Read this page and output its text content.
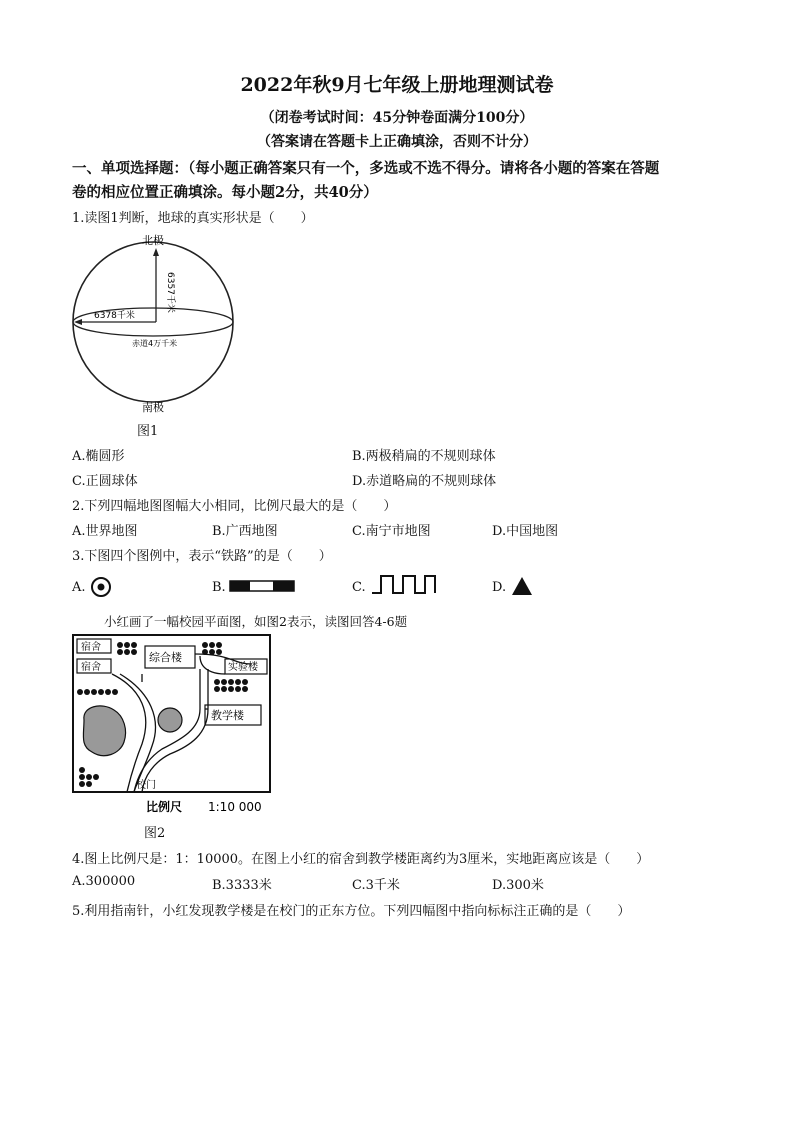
2022年秋9月七年级上册地理测试卷
（闭卷考试时间：45分钟卷面满分100分）
（答案请在答题卡上正确填涂，否则不计分）
一、单项选择题：（每小题正确答案只有一个，多选或不选不得分。请将各小题的答案在答题
卷的相应位置正确填涂。每小题2分，共40分）
1.读图1判断，地球的真实形状是（　　）
北极
南极
6357千米
6378千米
赤道4万千米
图1
A.椭圆形	B.两极稍扁的不规则球体
C.正圆球体	D.赤道略扁的不规则球体
2.下列四幅地图图幅大小相同，比例尺最大的是（　　）
A.世界地图	B.广西地图	C.南宁市地图	D.中国地图
3.下图四个图例中，表示“铁路”的是（　　）
A.	B.	C.	D.
小红画了一幅校园平面图，如图2表示，读图回答4-6题
宿舍
宿舍
综合楼
实验楼
教学楼
校门
比例尺 1:10 000
图2
4.图上比例尺是：1：10000。在图上小红的宿舍到教学楼距离约为3厘米，实地距离应该是（　　）
A.300000	B.3333米	C.3千米	D.300米
5.利用指南针，小红发现教学楼是在校门的正东方位。下列四幅图中指向标标注正确的是（　　）
